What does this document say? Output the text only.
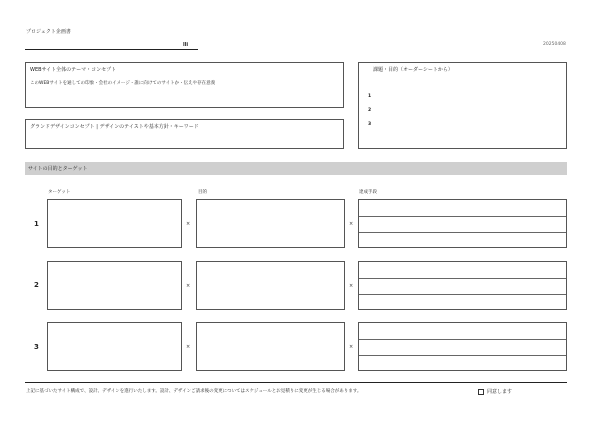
プロジェクト企画書
lli	20250408
WEBサイト全体のテーマ・コンセプト
このWEBサイトを通しての印象・会社のイメージ・誰に向けてのサイトか・伝えや存在意義
グランドデザインコンセプト | デザインのテイストや基本方針・キーワード
課題・目的（オーダーシートから）
1
2
3
サイトの目的とターゲット
ターゲット	目的	達成手段
1	×	×
2	×	×
3	×	×
上記に基づいたサイト構成で、設計、デザインを進行いたします。設計、デザインご請求後の変更についてはスケジュールとお見積りに変更が生じる場合があります。	同意します
